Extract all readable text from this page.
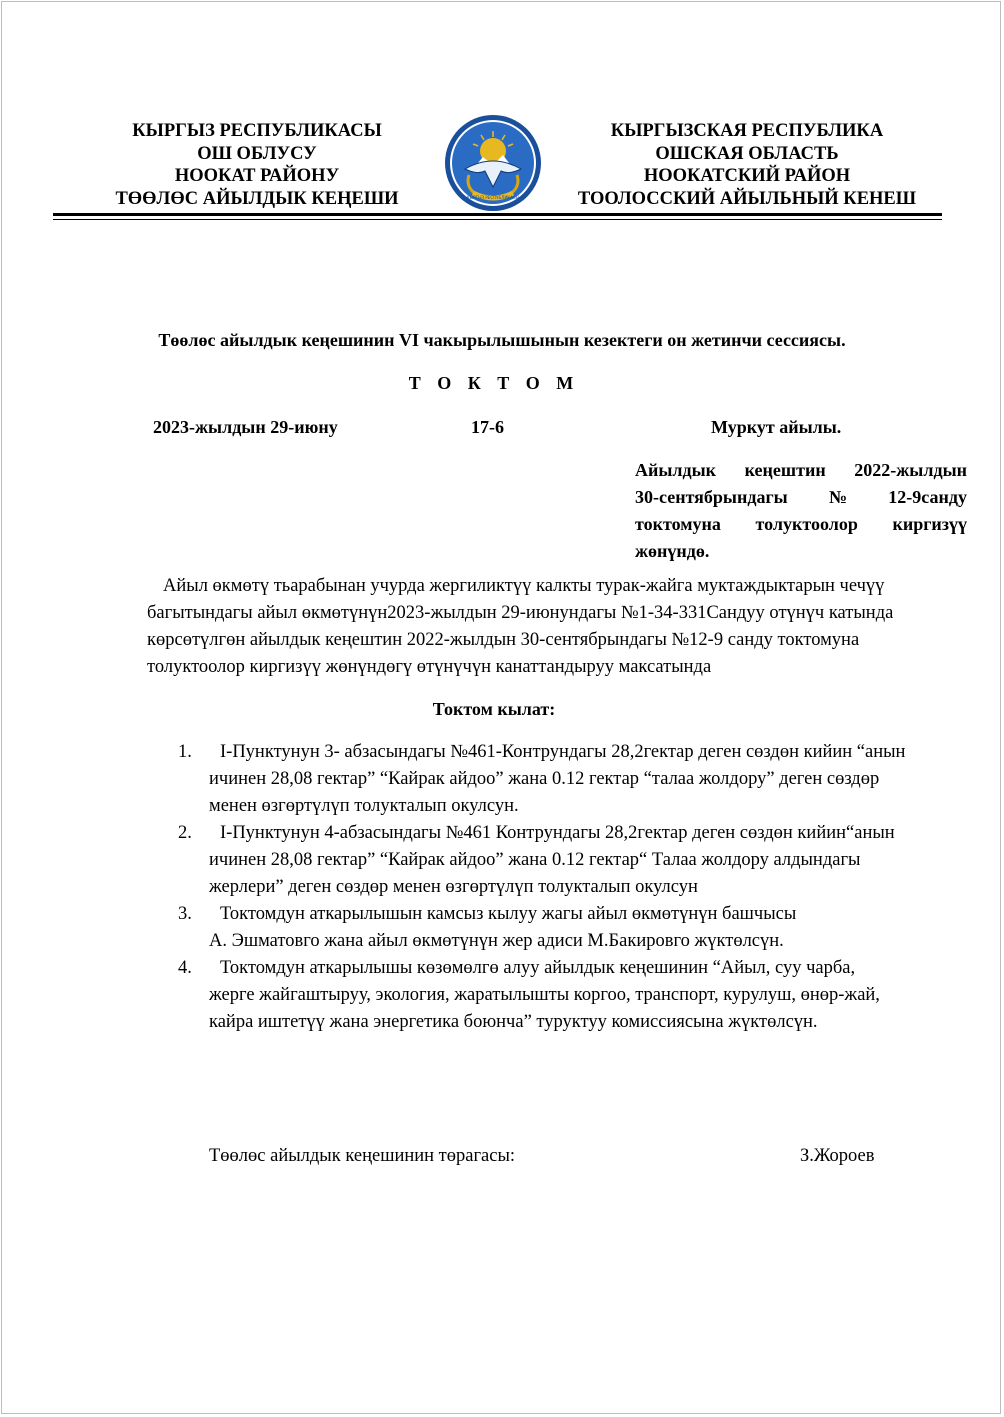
КЫРГЫЗ РЕСПУБЛИКАСЫ
ОШ ОБЛУСУ
НООКАТ РАЙОНУ
ТӨӨЛӨС АЙЫЛДЫК КЕҢЕШИ	КЫРГЫЗ РЕСПУБЛИКАСЫ
КЫРГЫЗСКАЯ РЕСПУБЛИКА
ОШСКАЯ ОБЛАСТЬ
НООКАТСКИЙ РАЙОН
ТООЛОССКИЙ АЙЫЛЬНЫЙ КЕНЕШ
Төөлөс айылдык кеңешинин VI чакырылышынын кезектеги он жетинчи сессиясы.
Т О К Т О М
2023-жылдын 29-июну	17-6	Муркут айылы.
Айылдык кеңештин 2022-жылдын
30-сентябрындагы№12-9санду
токтомуна толуктоолор киргизүү
жөнүндө.
Айыл өкмөтү тьарабынан учурда жергиликтүү калкты турак-жайга муктаждыктарын чечүү
багытындагы айыл өкмөтүнүн2023-жылдын 29-июнундагы №1-34-331Сандуу отүнүч катында
көрсөтүлгөн айылдык кеңештин 2022-жылдын 30-сентябрындагы №12-9 санду токтомуна
толуктоолор киргизүү жөнүндөгү өтүнүчүн канаттандыруу максатында
Токтом кылат:
1.	I-Пунктунун 3- абзасындагы №461-Контрундагы 28,2гектар деген сөздөн кийин “анын
ичинен 28,08 гектар” “Кайрак айдоо” жана 0.12 гектар “талаа жолдору” деген сөздөр
менен өзгөртүлүп толукталып окулсун.
2.	I-Пунктунун 4-абзасындагы №461 Контрундагы 28,2гектар деген сөздөн кийин“анын
ичинен 28,08 гектар” “Кайрак айдоо” жана 0.12 гектар“ Талаа жолдору алдындагы
жерлери” деген сөздөр менен өзгөртүлүп толукталып окулсун
3.	Токтомдун аткарылышын камсыз кылуу жагы айыл өкмөтүнүн башчысы
А. Эшматовго жана айыл өкмөтүнүн жер адиси М.Бакировго жүктөлсүн.
4.	Токтомдун аткарылышы көзөмөлгө алуу айылдык кеңешинин “Айыл, суу чарба,
жерге жайгаштыруу, экология, жаратылышты коргоо, транспорт, курулуш, өнөр-жай,
кайра иштетүү жана энергетика боюнча” туруктуу комиссиясына жүктөлсүн.
Төөлөс айылдык кеңешинин төрагасы:	З.Жороев
